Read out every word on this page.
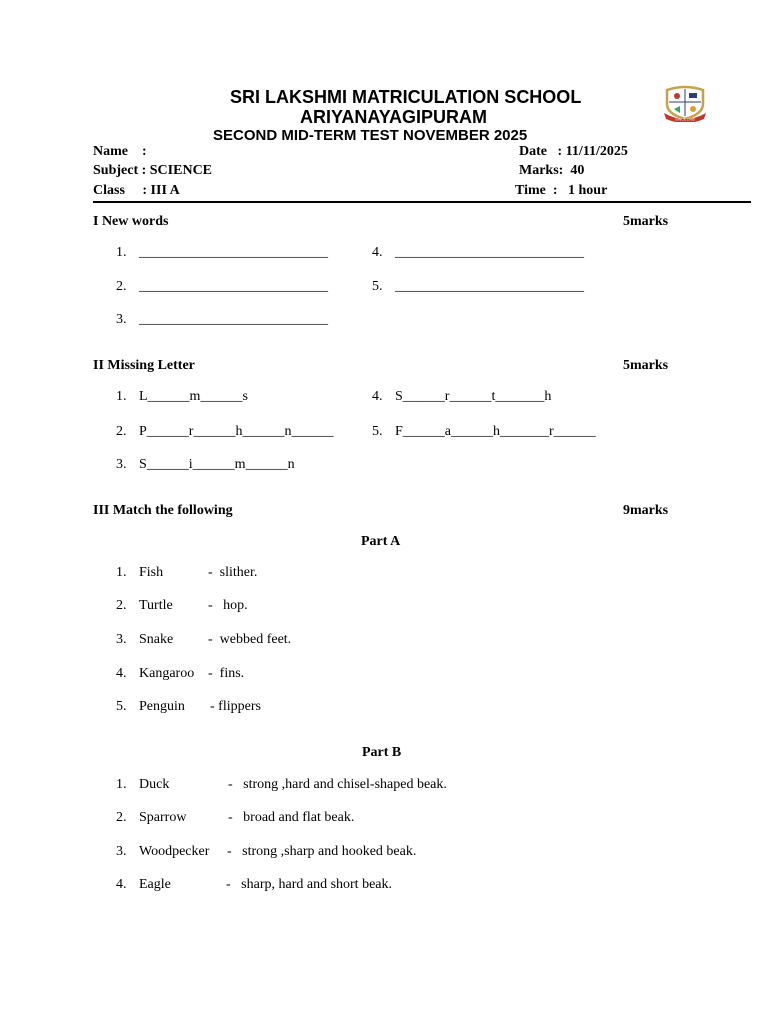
SRI LAKSHMI MATRICULATION SCHOOL
ARIYANAYAGIPURAM
SECOND MID-TERM TEST NOVEMBER 2025
SINCE 2005
Name    :
Subject : SCIENCE
Class     : III A
Date   : 11/11/2025
Marks:  40
Time  :   1 hour
I New words	5marks
1. ___________________________
2. ___________________________
3. ___________________________
4. ___________________________
5. ___________________________
II Missing Letter	5marks
1. L______m______s
2. P______r______h______n______
3. S______i______m______n
4. S______r______t_______h
5. F______a______h_______r______
III Match the following	9marks
Part A
1. Fish	-  slither.
2. Turtle	-   hop.
3. Snake -  webbed feet.
4. Kangaroo -  fins.
5. Penguin - flippers
Part B
1. Duck	-   strong ,hard and chisel-shaped beak.
2. Sparrow	-   broad and flat beak.
3. Woodpecker -   strong ,sharp and hooked beak.
4. Eagle	-   sharp, hard and short beak.
